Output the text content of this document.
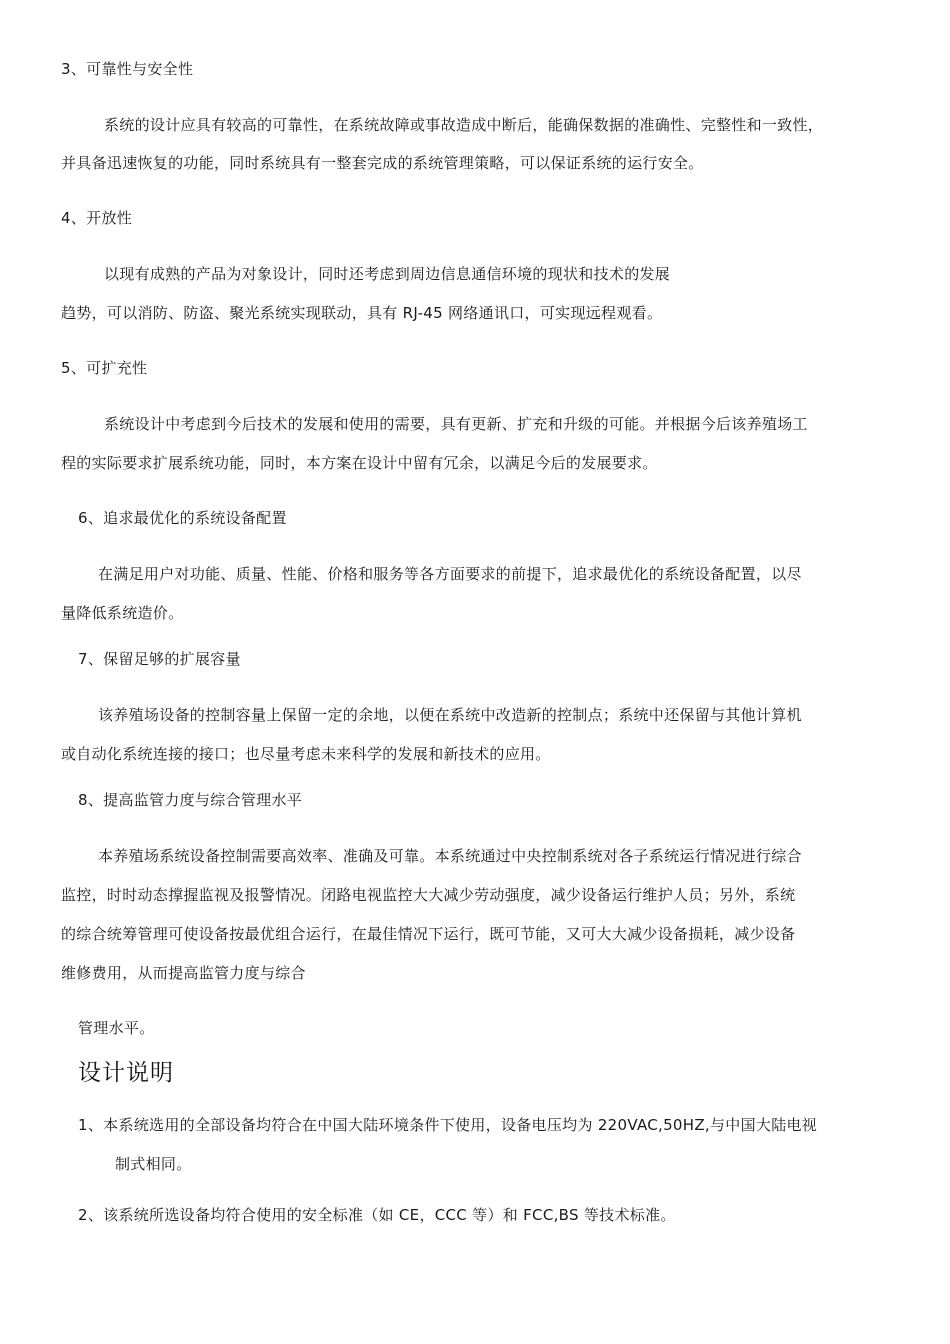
3、可靠性与安全性
系统的设计应具有较高的可靠性，在系统故障或事故造成中断后，能确保数据的准确性、完整性和一致性，
并具备迅速恢复的功能，同时系统具有一整套完成的系统管理策略，可以保证系统的运行安全。
4、开放性
以现有成熟的产品为对象设计，同时还考虑到周边信息通信环境的现状和技术的发展
趋势，可以消防、防盗、聚光系统实现联动，具有 RJ-45 网络通讯口，可实现远程观看。
5、可扩充性
系统设计中考虑到今后技术的发展和使用的需要，具有更新、扩充和升级的可能。并根据今后该养殖场工
程的实际要求扩展系统功能，同时，本方案在设计中留有冗余，以满足今后的发展要求。
6、追求最优化的系统设备配置
在满足用户对功能、质量、性能、价格和服务等各方面要求的前提下，追求最优化的系统设备配置，以尽
量降低系统造价。
7、保留足够的扩展容量
该养殖场设备的控制容量上保留一定的余地，以便在系统中改造新的控制点；系统中还保留与其他计算机
或自动化系统连接的接口；也尽量考虑未来科学的发展和新技术的应用。
8、提高监管力度与综合管理水平
本养殖场系统设备控制需要高效率、准确及可靠。本系统通过中央控制系统对各子系统运行情况进行综合
监控，时时动态撑握监视及报警情况。闭路电视监控大大减少劳动强度，减少设备运行维护人员；另外，系统
的综合统筹管理可使设备按最优组合运行，在最佳情况下运行，既可节能，又可大大减少设备损耗，减少设备
维修费用，从而提高监管力度与综合
管理水平。
设计说明
1、本系统选用的全部设备均符合在中国大陆环境条件下使用，设备电压均为 220VAC,50HZ,与中国大陆电视
制式相同。
2、该系统所选设备均符合使用的安全标准（如 CE，CCC 等）和 FCC,BS 等技术标准。
